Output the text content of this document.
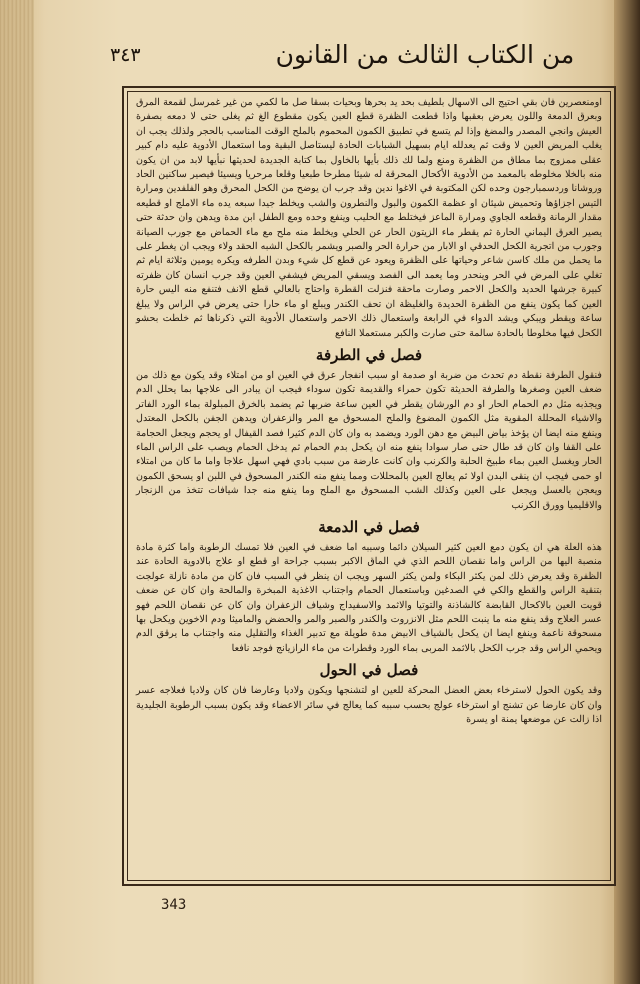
من الكتاب الثالث من القانون
٣٤٣

اومنعصرين فان بقي احتيج الى الاسهال بلطيف بحد يد بحرها وبحيات بسقا صل ما لكمي من غير غمرسل لقمعة المرق وبعرق الدمعة واللون يعرض بعقبها واذا قطعت الظفرة قطع العين يكون مقطوع الغ ثم يغلى حتى لا دمعه بصفرة العيش وانجي المصدر والمضغ وإذا لم يتسع في تطبيق الكمون المحموم بالملح الوقت المناسب بالحجر ولذلك يجب ان يغلب المريض العين لا وقت ثم يعدلله ايام بسهيل الشبابات الحادة ليستاصل البقية وما استعمال الأدوية عليه دام كبير عقلى ممزوج بما مطاق من الظفرة ومنع ولما لك ذلك بأيها بالخاول بما كتابة الجديدة لحديثها نبأيها لابد من ان يكون منه بالخلا مخلوطه بالمعمد من الأدوية الأكحال المحرقة له شيئا مطرحا طبعيا وقلعا مرحريا ويسيئا فيصير ساكنين الحاد وروشانا وردسمبارجون وحده لكن المكتوبة في الاغوا ندين وقد جرب ان يوضح من الكحل المحرق وهو الفلفدين ومرارة التيس اجزاؤها وتحميض شيئان او عظمة الكمون والبول والنطرون والشب ويخلط جيدا سبعه يده ماء الاملج او قطيعه مقدار الرمانة وقطعه الجاوي ومرارة الماعز فيختلط مع الحليب وينفع وحده ومع الطفل ابن مدة ويدهن وان حدثة حتى يصير العرق اليماني الحارة ثم يقطر ماء الزيتون الحار عن الحلي ويخلط منه ملح مع ماء الحماض مع جورب الصيانة وجورب من اتجرية الكحل الحدقي او الابار من حرارة الحر والصبر ويشمر بالكحل الشبه الحقد ولاء ويجب ان يغطر على ما يحمل من ملك كاسن شاعر وحياتها على الظفرة ويعود عن قطع كل شيء وبدن الطرفه ويكره يومين وثلاثة ايام ثم تغلي على المرض في الحر وينحدر وما يعمد الى الفصد ويسقي المريض فيشفي العين وقد جرب انسان كان ظفرته كبيرة جرشها الحديد والكحل الاحمر وصارت ماحقة فنزلت القطرة واحتاج بالعالي قطع الانف فتنفع منه اليس حارة العين كما يكون ينفع من الظفرة الحديدة والغليظة ان تحف الكندر ويبلع او ماء حارا حتى يعرض في الراس ولا يبلغ ساعة ويقطر ويبكي ويشد الدواء في الرابعة واستعمال ذلك الاحمر واستعمال الأدوية التي ذكرناها ثم خلطت بحشو الكحل فيها مخلوطا بالحادة سالمة حتى صارت والكبر مستعملا النافع

فصل في الطرفة

فنقول الطرفة نقطة دم تحدث من ضربة او صدمة او سبب انفجار عرق في العين او من امتلاء وقد يكون مع ذلك من ضعف العين وصغرها والطرفة الحديثة تكون حمراء والقديمة تكون سوداء فيجب ان يبادر الى علاجها بما يحلل الدم ويجذبه مثل دم الحمام الحار او دم الورشان يقطر في العين ساعة ضربها ثم يضمد بالخرق المبلولة بماء الورد الفاتر والاشياء المحللة المقوية مثل الكمون المضوغ والملح المسحوق مع المر والزعفران ويدهن الجفن بالكحل المعتدل وينفع منه ايضا ان يؤخذ بياض البيض مع دهن الورد ويضمد به وان كان الدم كثيرا فصد القيفال او يحجم ويجعل الحجامة على القفا وان كان قد طال حتى صار سوادا ينفع منه ان يكحل بدم الحمام ثم يدخل الحمام ويصب على الراس الماء الحار ويغسل العين بماء طبيخ الحلبة والكرنب وان كانت عارضة من سبب بادي فهي اسهل علاجا واما ما كان من امتلاء او حمى فيجب ان ينقى البدن اولا ثم يعالج العين بالمحللات ومما ينفع منه الكندر المسحوق في اللبن او يسحق الكمون ويعجن بالعسل ويجعل على العين وكذلك الشب المسحوق مع الملح وما ينفع منه جدا شيافات تتخذ من الزنجار والاقليميا وورق الكرنب

فصل في الدمعة

هذه العلة هي ان يكون دمع العين كثير السيلان دائما وسببه اما ضعف في العين فلا تمسك الرطوبة واما كثرة مادة منصبة اليها من الراس واما نقصان اللحم الذي في الماق الاكبر بسبب جراحة او قطع او علاج بالادوية الحادة عند الظفرة وقد يعرض ذلك لمن يكثر البكاء ولمن يكثر السهر ويجب ان ينظر في السبب فان كان من مادة نازلة عولجت بتنقية الراس والقطع والكي في الصدغين وباستعمال الحمام واجتناب الاغذية المبخرة والمالحة وان كان عن ضعف قويت العين بالاكحال القابضة كالشاذنة والتوتيا والاثمد والاسفيداج وشياف الزعفران وان كان عن نقصان اللحم فهو عسر العلاج وقد ينفع منه ما ينبت اللحم مثل الانزروت والكندر والصبر والمر والحضض والماميثا ودم الاخوين ويكحل بها مسحوقة ناعمة وينفع ايضا ان يكحل بالشياف الابيض مدة طويلة مع تدبير الغذاء والتقليل منه واجتناب ما يرقق الدم ويحمي الراس وقد جرب الكحل بالاثمد المربى بماء الورد وقطرات من ماء الرازيانج فوجد نافعا

فصل في الحول

وقد يكون الحول لاسترخاء بعض العضل المحركة للعين او لتشنجها ويكون ولاديا وعارضا فان كان ولاديا فعلاجه عسر وان كان عارضا عن تشنج او استرخاء عولج بحسب سببه كما يعالج في سائر الاعضاء وقد يكون بسبب الرطوبة الجليدية اذا زالت عن موضعها يمنة او يسرة

343
